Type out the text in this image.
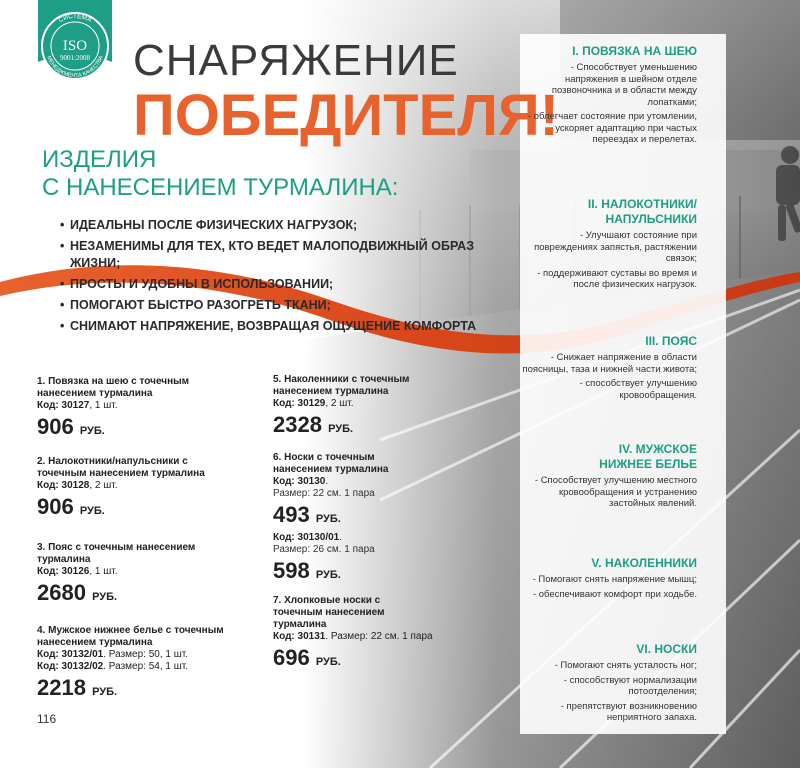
СИСТЕМА
МЕНЕДЖМЕНТА КАЧЕСТВА
ISO
9001:2008 СНАРЯЖЕНИЕ
ПОБЕДИТЕЛЯ!
ИЗДЕЛИЯ
С НАНЕСЕНИЕМ ТУРМАЛИНА:
• ИДЕАЛЬНЫ ПОСЛЕ ФИЗИЧЕСКИХ НАГРУЗОК;
• НЕЗАМЕНИМЫ ДЛЯ ТЕХ, КТО ВЕДЕТ МАЛОПОДВИЖНЫЙ ОБРАЗ ЖИЗНИ;
• ПРОСТЫ И УДОБНЫ В ИСПОЛЬЗОВАНИИ;
• ПОМОГАЮТ БЫСТРО РАЗОГРЕТЬ ТКАНИ;
• СНИМАЮТ НАПРЯЖЕНИЕ, ВОЗВРАЩАЯ ОЩУЩЕНИЕ КОМФОРТА
1. Повязка на шею с точечным нанесением турмалина
Код: 30127, 1 шт.
906 РУБ.
2. Налокотники/напульсники с точечным нанесением турмалина
Код: 30128, 2 шт.
906 РУБ.
3. Пояс с точечным нанесением турмалина
Код: 30126, 1 шт.
2680 РУБ.
4. Мужское нижнее белье с точечным нанесением турмалина
Код: 30132/01. Размер: 50, 1 шт.
Код: 30132/02. Размер: 54, 1 шт.
2218 РУБ.
5. Наколенники с точечным нанесением турмалина
Код: 30129, 2 шт.
2328 РУБ.
6. Носки с точечным нанесением турмалина
Код: 30130.
Размер: 22 см. 1 пара
493 РУБ.
Код: 30130/01.
Размер: 26 см. 1 пара
598 РУБ.
7. Хлопковые носки с точечным нанесением турмалина
Код: 30131. Размер: 22 см. 1 пара
696 РУБ.
116
I. ПОВЯЗКА НА ШЕЮ
- Способствует уменьшению напряжения в шейном отделе позвоночника и в области между лопатками;
- облегчает состояние при утомлении, ускоряет адаптацию при частых переездах и перелетах.
II. НАЛОКОТНИКИ/ НАПУЛЬСНИКИ
- Улучшают состояние при повреждениях запястья, растяжении связок;
- поддерживают суставы во время и после физических нагрузок.
III. ПОЯС
- Снижает напряжение в области поясницы, таза и нижней части живота;
- способствует улучшению кровообращения.
IV. МУЖСКОЕ НИЖНЕЕ БЕЛЬЕ
- Способствует улучшению местного кровообращения и устранению застойных явлений.
V. НАКОЛЕННИКИ
- Помогают снять напряжение мышц;
- обеспечивают комфорт при ходьбе.
VI. НОСКИ
- Помогают снять усталость ног;
- способствуют нормализации потоотделения;
- препятствуют возникновению неприятного запаха.
